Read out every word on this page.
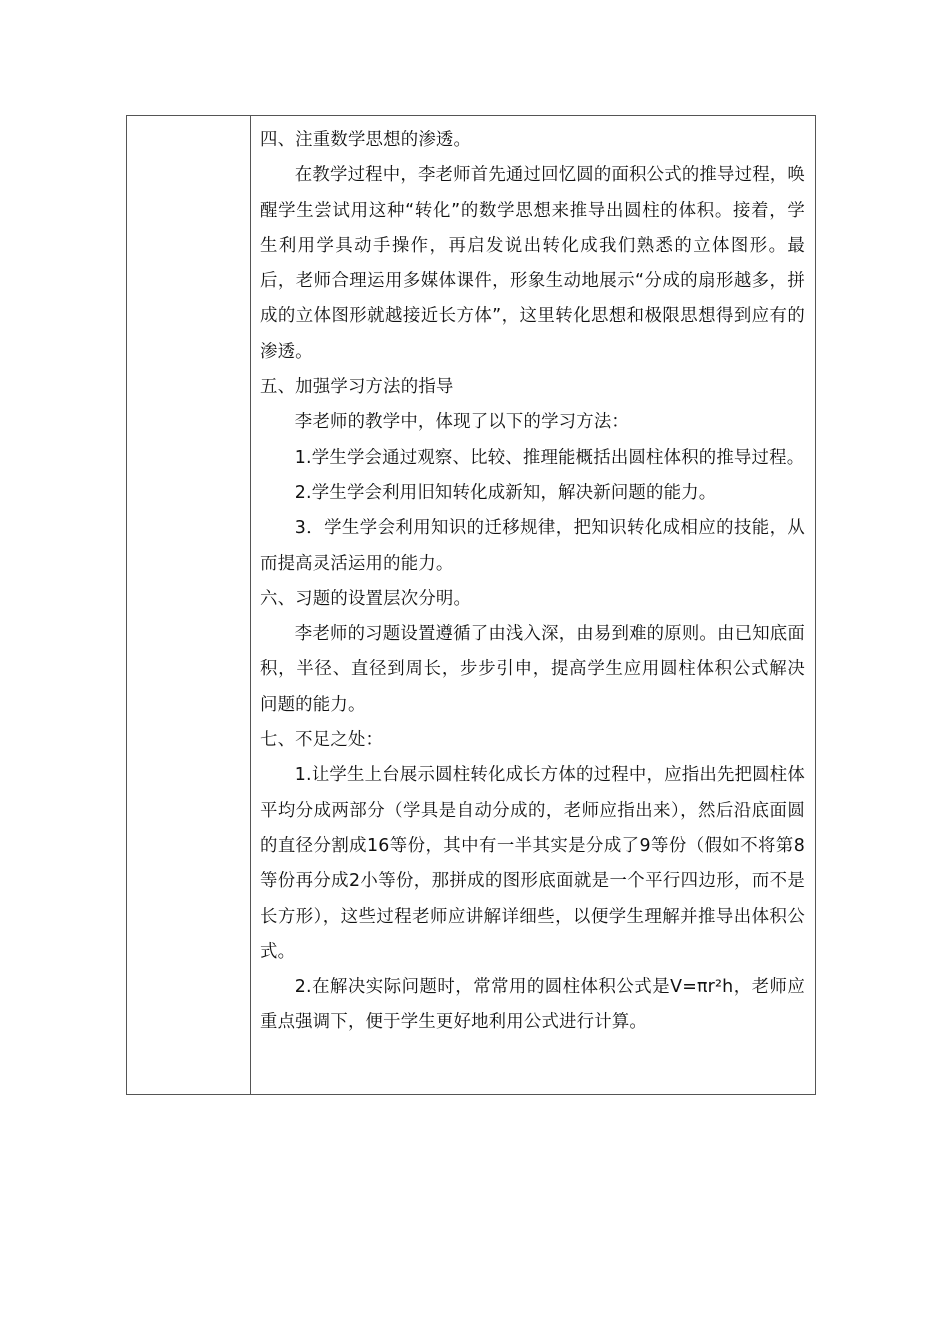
四、注重数学思想的渗透。

在教学过程中，李老师首先通过回忆圆的面积公式的推导过程，唤醒学生尝试用这种“转化”的数学思想来推导出圆柱的体积。接着，学生利用学具动手操作，再启发说出转化成我们熟悉的立体图形。最后，老师合理运用多媒体课件，形象生动地展示“分成的扇形越多，拼成的立体图形就越接近长方体”，这里转化思想和极限思想得到应有的渗透。

五、加强学习方法的指导

李老师的教学中，体现了以下的学习方法：

1.学生学会通过观察、比较、推理能概括出圆柱体积的推导过程。

2.学生学会利用旧知转化成新知，解决新问题的能力。

3．学生学会利用知识的迁移规律，把知识转化成相应的技能，从而提高灵活运用的能力。

六、习题的设置层次分明。

李老师的习题设置遵循了由浅入深，由易到难的原则。由已知底面积，半径、直径到周长，步步引申，提高学生应用圆柱体积公式解决问题的能力。

七、不足之处：

1.让学生上台展示圆柱转化成长方体的过程中，应指出先把圆柱体平均分成两部分（学具是自动分成的，老师应指出来），然后沿底面圆的直径分割成16等份，其中有一半其实是分成了9等份（假如不将第8等份再分成2小等份，那拼成的图形底面就是一个平行四边形，而不是长方形），这些过程老师应讲解详细些，以便学生理解并推导出体积公式。

2.在解决实际问题时，常常用的圆柱体积公式是V=πr²h，老师应重点强调下，便于学生更好地利用公式进行计算。
